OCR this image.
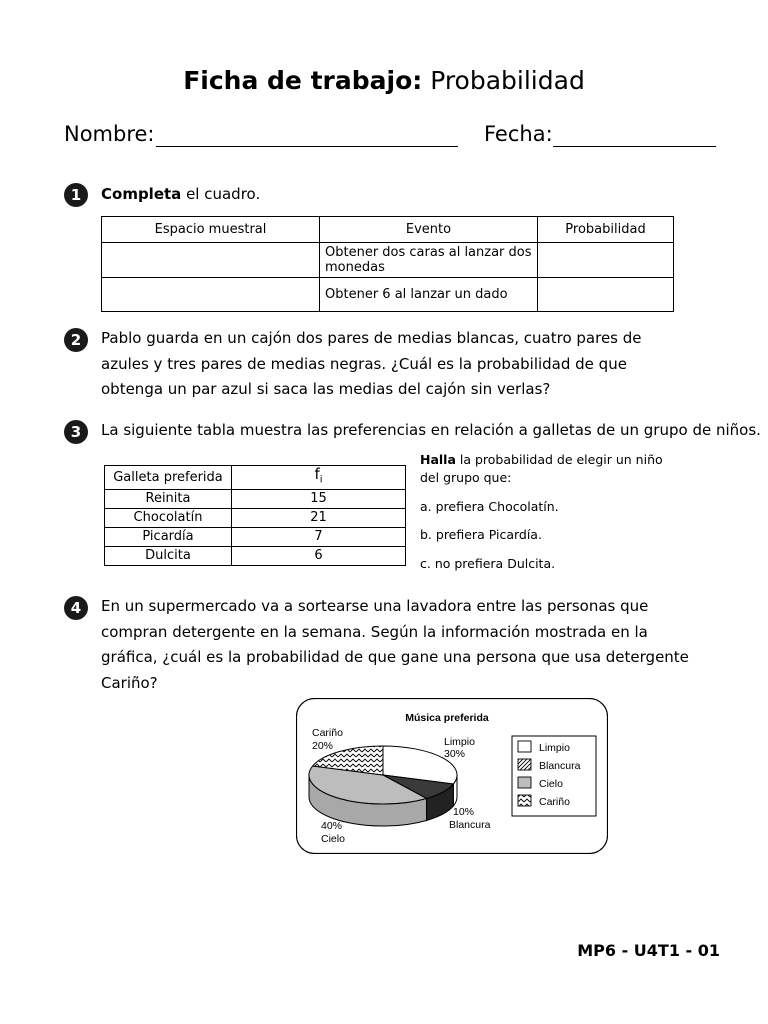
Ficha de trabajo: Probabilidad
Nombre:	Fecha:
1	Completa el cuadro.
Espacio muestral	Evento	Probabilidad
	Obtener dos caras al lanzar dos monedas	
	Obtener 6 al lanzar un dado	
2	Pablo guarda en un cajón dos pares de medias blancas, cuatro pares de azules y tres pares de medias negras. ¿Cuál es la probabilidad de que obtenga un par azul si saca las medias del cajón sin verlas?
3	La siguiente tabla muestra las preferencias en relación a galletas de un grupo de niños.
Galleta preferida	$f_i$
Reinita	15
Chocolatín	21
Picardía	7
Dulcita	6
Halla la probabilidad de elegir un niño
del grupo que:
a. prefiera Chocolatín.
b. prefiera Picardía.
c. no prefiera Dulcita.
4	En un supermercado va a sortearse una lavadora entre las personas que compran detergente en la semana. Según la información mostrada en la gráfica, ¿cuál es la probabilidad de que gane una persona que usa detergente Cariño?
Música preferida
Cariño
20%	Limpio
30%
10%
Blancura
40%
Cielo
Limpio
Blancura
Cielo
Cariño
MP6 - U4T1 - 01
